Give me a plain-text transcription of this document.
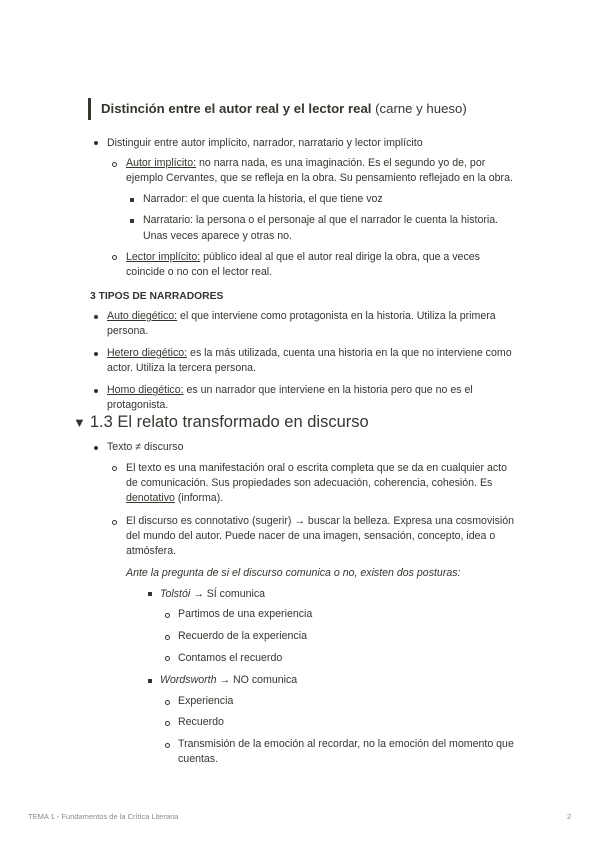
Distinción entre el autor real y el lector real (carne y hueso)
Distinguir entre autor implícito, narrador, narratario y lector implícito
Autor implícito: no narra nada, es una imaginación. Es el segundo yo de, por
ejemplo Cervantes, que se refleja en la obra. Su pensamiento reflejado en la obra.
Narrador: el que cuenta la historia, el que tiene voz
Narratario: la persona o el personaje al que el narrador le cuenta la historia.
Unas veces aparece y otras no.
Lector implícito: público ideal al que el autor real dirige la obra, que a veces
coincide o no con el lector real.
3 TIPOS DE NARRADORES
Auto diegético: el que interviene como protagonista en la historia. Utiliza la primera
persona.
Hetero diegético: es la más utilizada, cuenta una historia en la que no interviene como
actor. Utiliza la tercera persona.
Homo diegético: es un narrador que interviene en la historia pero que no es el
protagonista.
▼ 1.3 El relato transformado en discurso
Texto ≠ discurso
El texto es una manifestación oral o escrita completa que se da en cualquier acto
de comunicación. Sus propiedades son adecuación, coherencia, cohesión. Es
denotativo (informa).
El discurso es connotativo (sugerir) → buscar la belleza. Expresa una cosmovisión
del mundo del autor. Puede nacer de una imagen, sensación, concepto, idea o
atmósfera.
Ante la pregunta de si el discurso comunica o no, existen dos posturas:
Tolstói → SÍ comunica
Partimos de una experiencia
Recuerdo de la experiencia
Contamos el recuerdo
Wordsworth → NO comunica
Experiencia
Recuerdo
Transmisión de la emoción al recordar, no la emoción del momento que
cuentas.
TEMA 1 - Fundamentos de la Crítica Literaria	2
